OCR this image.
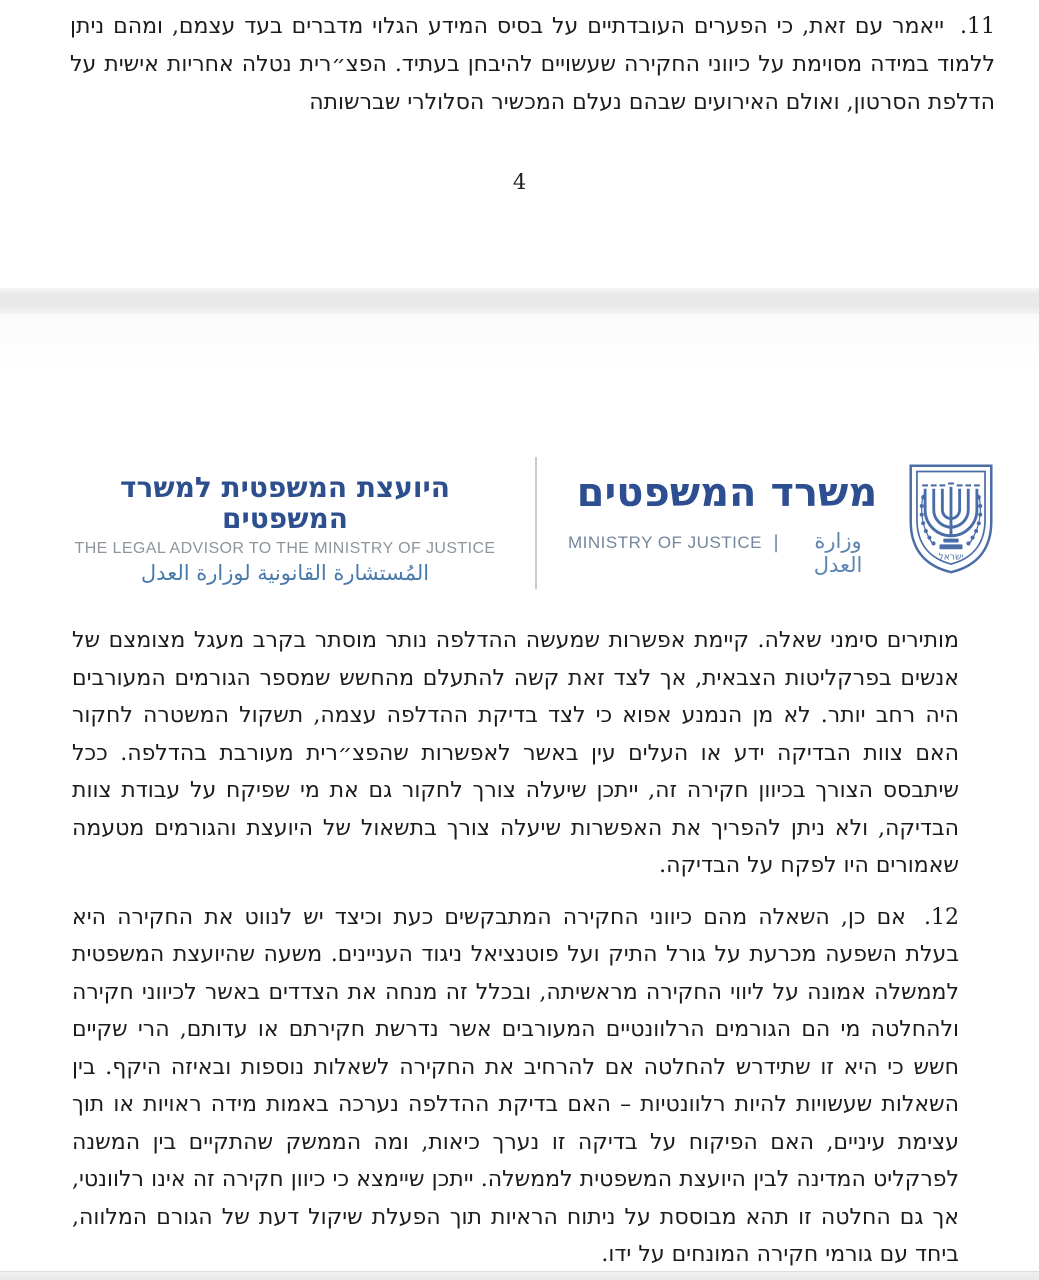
11. ייאמר עם זאת, כי הפערים העובדתיים על בסיס המידע הגלוי מדברים בעד עצמם, ומהם ניתן ללמוד במידה מסוימת על כיווני החקירה שעשויים להיבחן בעתיד. הפצ״רית נטלה אחריות אישית על הדלפת הסרטון, ואולם האירועים שבהם נעלם המכשיר הסלולרי שברשותה

4
היועצת המשפטית למשרד המשפטים
THE LEGAL ADVISOR TO THE MINISTRY OF JUSTICE
المُستشارة القانونية لوزارة العدل
משרד המשפטים
MINISTRY OF JUSTICE |	وزارة العدل	ישראל

מותירים סימני שאלה. קיימת אפשרות שמעשה ההדלפה נותר מוסתר בקרב מעגל מצומצם של אנשים בפרקליטות הצבאית, אך לצד זאת קשה להתעלם מהחשש שמספר הגורמים המעורבים היה רחב יותר. לא מן הנמנע אפוא כי לצד בדיקת ההדלפה עצמה, תשקול המשטרה לחקור האם צוות הבדיקה ידע או העלים עין באשר לאפשרות שהפצ״רית מעורבת בהדלפה. ככל שיתבסס הצורך בכיוון חקירה זה, ייתכן שיעלה צורך לחקור גם את מי שפיקח על עבודת צוות הבדיקה, ולא ניתן להפריך את האפשרות שיעלה צורך בתשאול של היועצת והגורמים מטעמה שאמורים היו לפקח על הבדיקה.

12. אם כן, השאלה מהם כיווני החקירה המתבקשים כעת וכיצד יש לנווט את החקירה היא בעלת השפעה מכרעת על גורל התיק ועל פוטנציאל ניגוד העניינים. משעה שהיועצת המשפטית לממשלה אמונה על ליווי החקירה מראשיתה, ובכלל זה מנחה את הצדדים באשר לכיווני חקירה ולהחלטה מי הם הגורמים הרלוונטיים המעורבים אשר נדרשת חקירתם או עדותם, הרי שקיים חשש כי היא זו שתידרש להחלטה אם להרחיב את החקירה לשאלות נוספות ובאיזה היקף. בין השאלות שעשויות להיות רלוונטיות – האם בדיקת ההדלפה נערכה באמות מידה ראויות או תוך עצימת עיניים, האם הפיקוח על בדיקה זו נערך כיאות, ומה הממשק שהתקיים בין המשנה לפרקליט המדינה לבין היועצת המשפטית לממשלה. ייתכן שיימצא כי כיוון חקירה זה אינו רלוונטי, אך גם החלטה זו תהא מבוססת על ניתוח הראיות תוך הפעלת שיקול דעת של הגורם המלווה, ביחד עם גורמי חקירה המונחים על ידו.
